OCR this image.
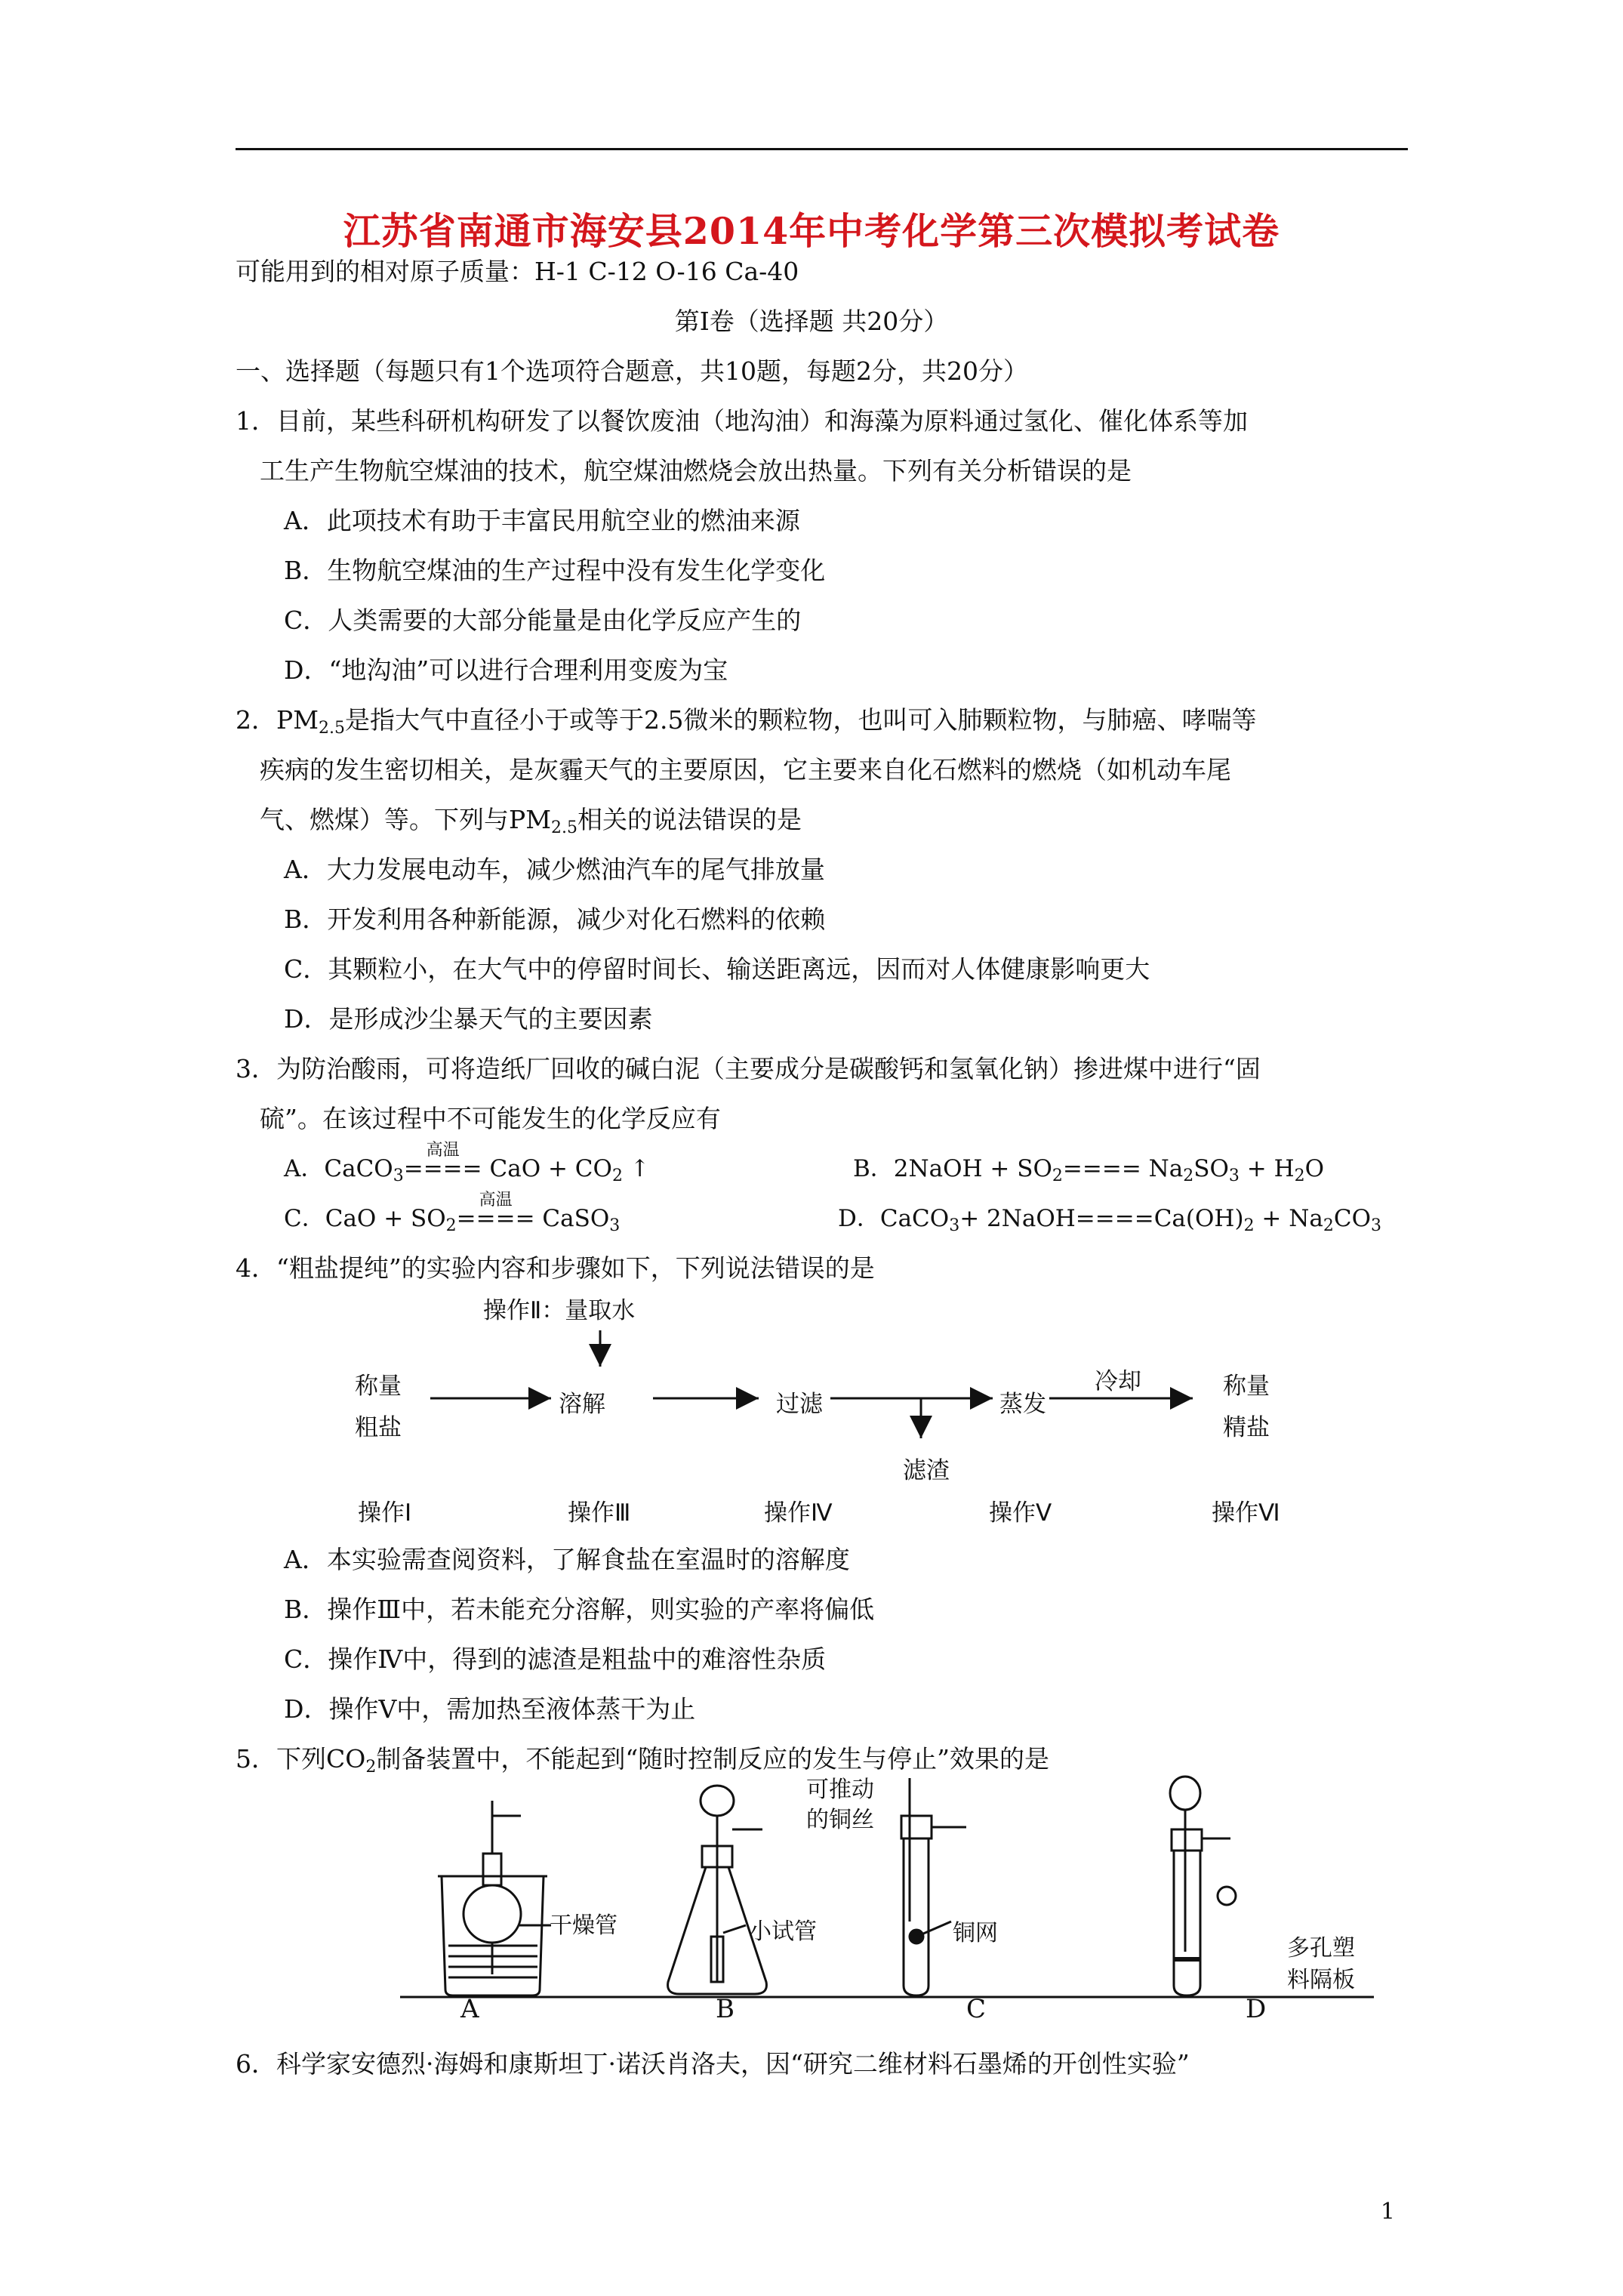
江苏省南通市海安县2014年中考化学第三次模拟考试卷
可能用到的相对原子质量：H-1 C-12 O-16 Ca-40
第Ⅰ卷（选择题 共20分）
一、选择题（每题只有1个选项符合题意，共10题，每题2分，共20分）
1．目前，某些科研机构研发了以餐饮废油（地沟油）和海藻为原料通过氢化、催化体系等加
工生产生物航空煤油的技术，航空煤油燃烧会放出热量。下列有关分析错误的是
A．此项技术有助于丰富民用航空业的燃油来源
B．生物航空煤油的生产过程中没有发生化学变化
C．人类需要的大部分能量是由化学反应产生的
D．“地沟油”可以进行合理利用变废为宝
2．$PM_{2.5}$是指大气中直径小于或等于2.5微米的颗粒物，也叫可入肺颗粒物，与肺癌、哮喘等
疾病的发生密切相关，是灰霾天气的主要原因，它主要来自化石燃料的燃烧（如机动车尾
气、燃煤）等。下列与$PM_{2.5}$相关的说法错误的是
A．大力发展电动车，减少燃油汽车的尾气排放量
B．开发利用各种新能源，减少对化石燃料的依赖
C．其颗粒小，在大气中的停留时间长、输送距离远，因而对人体健康影响更大
D．是形成沙尘暴天气的主要因素
3．为防治酸雨，可将造纸厂回收的碱白泥（主要成分是碳酸钙和氢氧化钠）掺进煤中进行“固
硫”。在该过程中不可能发生的化学反应有
A．CaCO$_3$
高温
==== CaO + $CO_2$ ↑	B．2NaOH + $SO_2==== Na_2SO_3 + H_2O$
C．CaO + $SO_2$
高温
==== CaSO$_3$	D．CaCO$_3$+ $2NaOH====Ca(OH)_2 + Na_2CO_3$
4．“粗盐提纯”的实验内容和步骤如下，下列说法错误的是
操作Ⅱ：量取水
称量
粗盐
溶解	过滤	蒸发
冷却	称量
精盐
滤渣
操作Ⅰ	操作Ⅲ	操作Ⅳ	操作Ⅴ	操作Ⅵ
A．本实验需查阅资料，了解食盐在室温时的溶解度
B．操作Ⅲ中，若未能充分溶解，则实验的产率将偏低
C．操作Ⅳ中，得到的滤渣是粗盐中的难溶性杂质
D．操作Ⅴ中，需加热至液体蒸干为止
5．下列$CO_2$制备装置中，不能起到“随时控制反应的发生与停止”效果的是
干燥管	小试管
可推动
的铜丝
铜网
多孔塑
料隔板
A	B	C	D
6．科学家安德烈·海姆和康斯坦丁·诺沃肖洛夫，因“研究二维材料石墨烯的开创性实验”
1
